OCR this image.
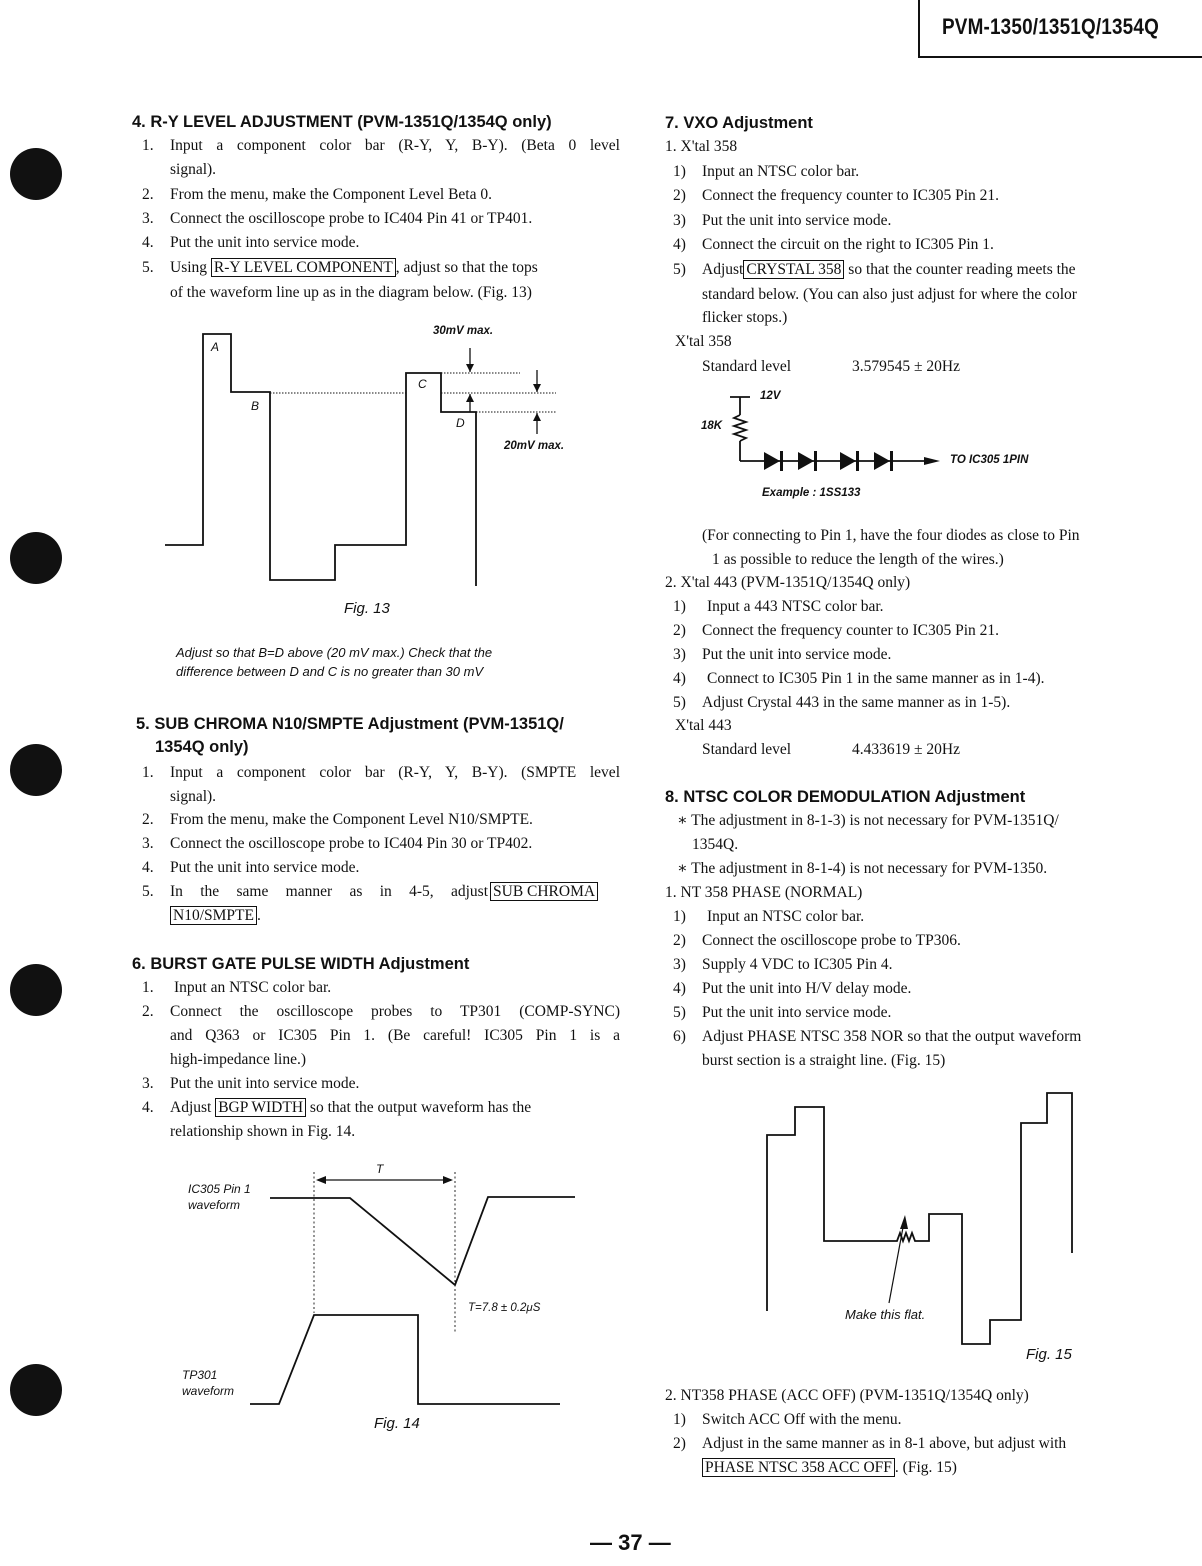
PVM-1350/1351Q/1354Q
4. R-Y LEVEL ADJUSTMENT (PVM-1351Q/1354Q only)
1. Input a component color bar (R-Y, Y, B-Y). (Beta 0 level
signal).
2. From the menu, make the Component Level Beta 0.
3. Connect the oscilloscope probe to IC404 Pin 41 or TP401.
4. Put the unit into service mode.
5. Using R-Y LEVEL COMPONENT , adjust so that the tops
of the waveform line up as in the diagram below. (Fig. 13)
A
B
C
D
30mV max.
20mV max.
Fig. 13
Adjust so that B=D above (20 mV max.) Check that the
difference between D and C is no greater than 30 mV
5. SUB CHROMA N10/SMPTE Adjustment (PVM-1351Q/
1354Q only)
1. Input a component color bar (R-Y, Y, B-Y). (SMPTE level
signal).
2. From the menu, make the Component Level N10/SMPTE.
3. Connect the oscilloscope probe to IC404 Pin 30 or TP402.
4. Put the unit into service mode.
5. In the same manner as in 4-5, adjust SUB CHROMA
N10/SMPTE .
6. BURST GATE PULSE WIDTH Adjustment
1. Input an NTSC color bar.
2. Connect the oscilloscope probes to TP301 (COMP-SYNC)
and Q363 or IC305 Pin 1. (Be careful! IC305 Pin 1 is a
high-impedance line.)
3. Put the unit into service mode.
4. Adjust BGP WIDTH so that the output waveform has the
relationship shown in Fig. 14.
T
IC305 Pin 1
waveform
T=7.8 ± 0.2μS
TP301
waveform
Fig. 14
7. VXO Adjustment
1. X'tal 358
1) Input an NTSC color bar.
2) Connect the frequency counter to IC305 Pin 21.
3) Put the unit into service mode.
4) Connect the circuit on the right to IC305 Pin 1.
5) Adjust CRYSTAL 358 so that the counter reading meets the
standard below. (You can also just adjust for where the color
flicker stops.)
X'tal 358
Standard level	3.579545 ± 20Hz
12V
18K
TO IC305 1PIN
Example : 1SS133
(For connecting to Pin 1, have the four diodes as close to Pin
1 as possible to reduce the length of the wires.)
2. X'tal 443 (PVM-1351Q/1354Q only)
1) Input a 443 NTSC color bar.
2) Connect the frequency counter to IC305 Pin 21.
3) Put the unit into service mode.
4) Connect to IC305 Pin 1 in the same manner as in 1-4).
5) Adjust Crystal 443 in the same manner as in 1-5).
X'tal 443
Standard level	4.433619 ± 20Hz
8. NTSC COLOR DEMODULATION Adjustment
∗ The adjustment in 8-1-3) is not necessary for PVM-1351Q/
1354Q.
∗ The adjustment in 8-1-4) is not necessary for PVM-1350.
1. NT 358 PHASE (NORMAL)
1) Input an NTSC color bar.
2) Connect the oscilloscope probe to TP306.
3) Supply 4 VDC to IC305 Pin 4.
4) Put the unit into H/V delay mode.
5) Put the unit into service mode.
6) Adjust PHASE NTSC 358 NOR so that the output waveform
burst section is a straight line. (Fig. 15)
Make this flat.
Fig. 15
2. NT358 PHASE (ACC OFF) (PVM-1351Q/1354Q only)
1) Switch ACC Off with the menu.
2) Adjust in the same manner as in 8-1 above, but adjust with
PHASE NTSC 358 ACC OFF . (Fig. 15)
— 37 —
